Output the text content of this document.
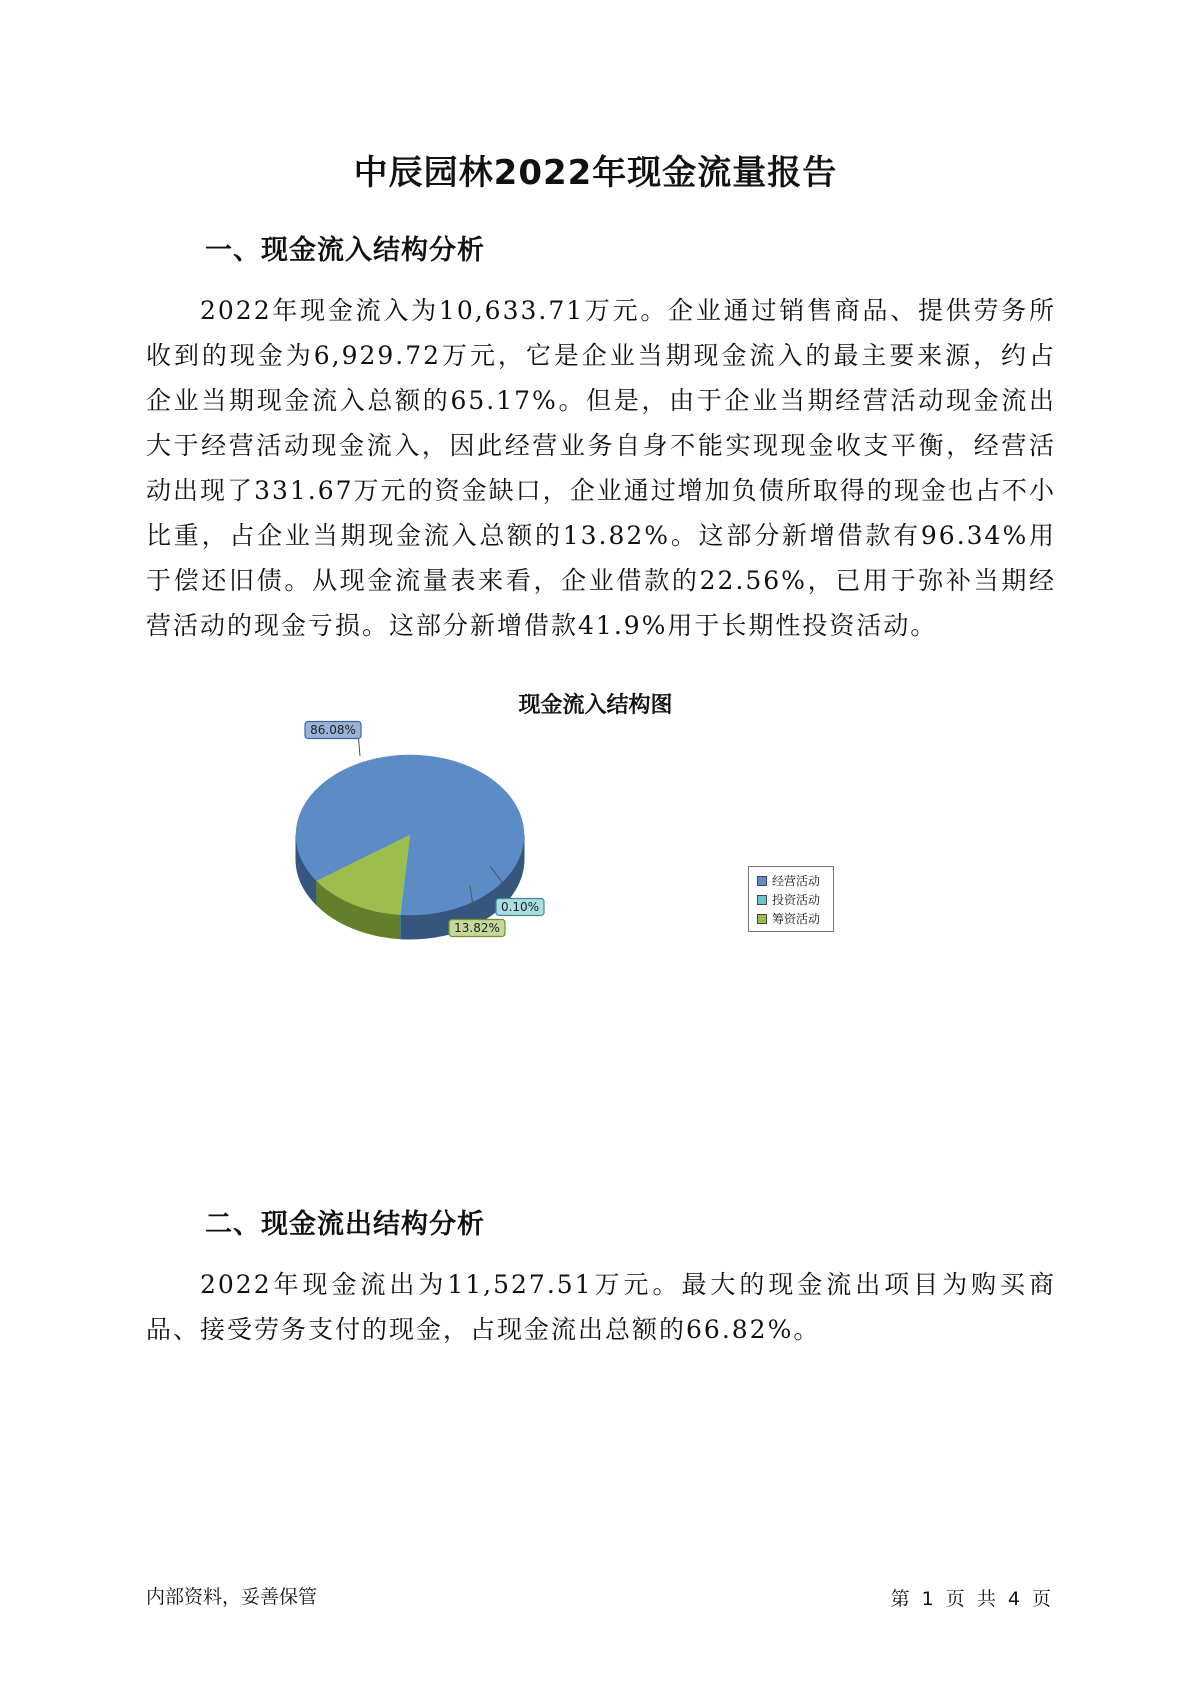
中辰园林2022年现金流量报告
一、现金流入结构分析

2022年现金流入为10,633.71万元。企业通过销售商品、提供劳务所收到的现金为6,929.72万元，它是企业当期现金流入的最主要来源，约占企业当期现金流入总额的65.17%。但是，由于企业当期经营活动现金流出大于经营活动现金流入，因此经营业务自身不能实现现金收支平衡，经营活动出现了331.67万元的资金缺口，企业通过增加负债所取得的现金也占不小比重，占企业当期现金流入总额的13.82%。这部分新增借款有96.34%用于偿还旧债。从现金流量表来看，企业借款的22.56%，已用于弥补当期经营活动的现金亏损。这部分新增借款41.9%用于长期性投资活动。

现金流入结构图
86.08%
0.10%
13.82%
经营活动
投资活动
筹资活动
二、现金流出结构分析

2022年现金流出为11,527.51万元。最大的现金流出项目为购买商品、接受劳务支付的现金，占现金流出总额的66.82%。

内部资料，妥善保管	第 1 页 共 4 页
